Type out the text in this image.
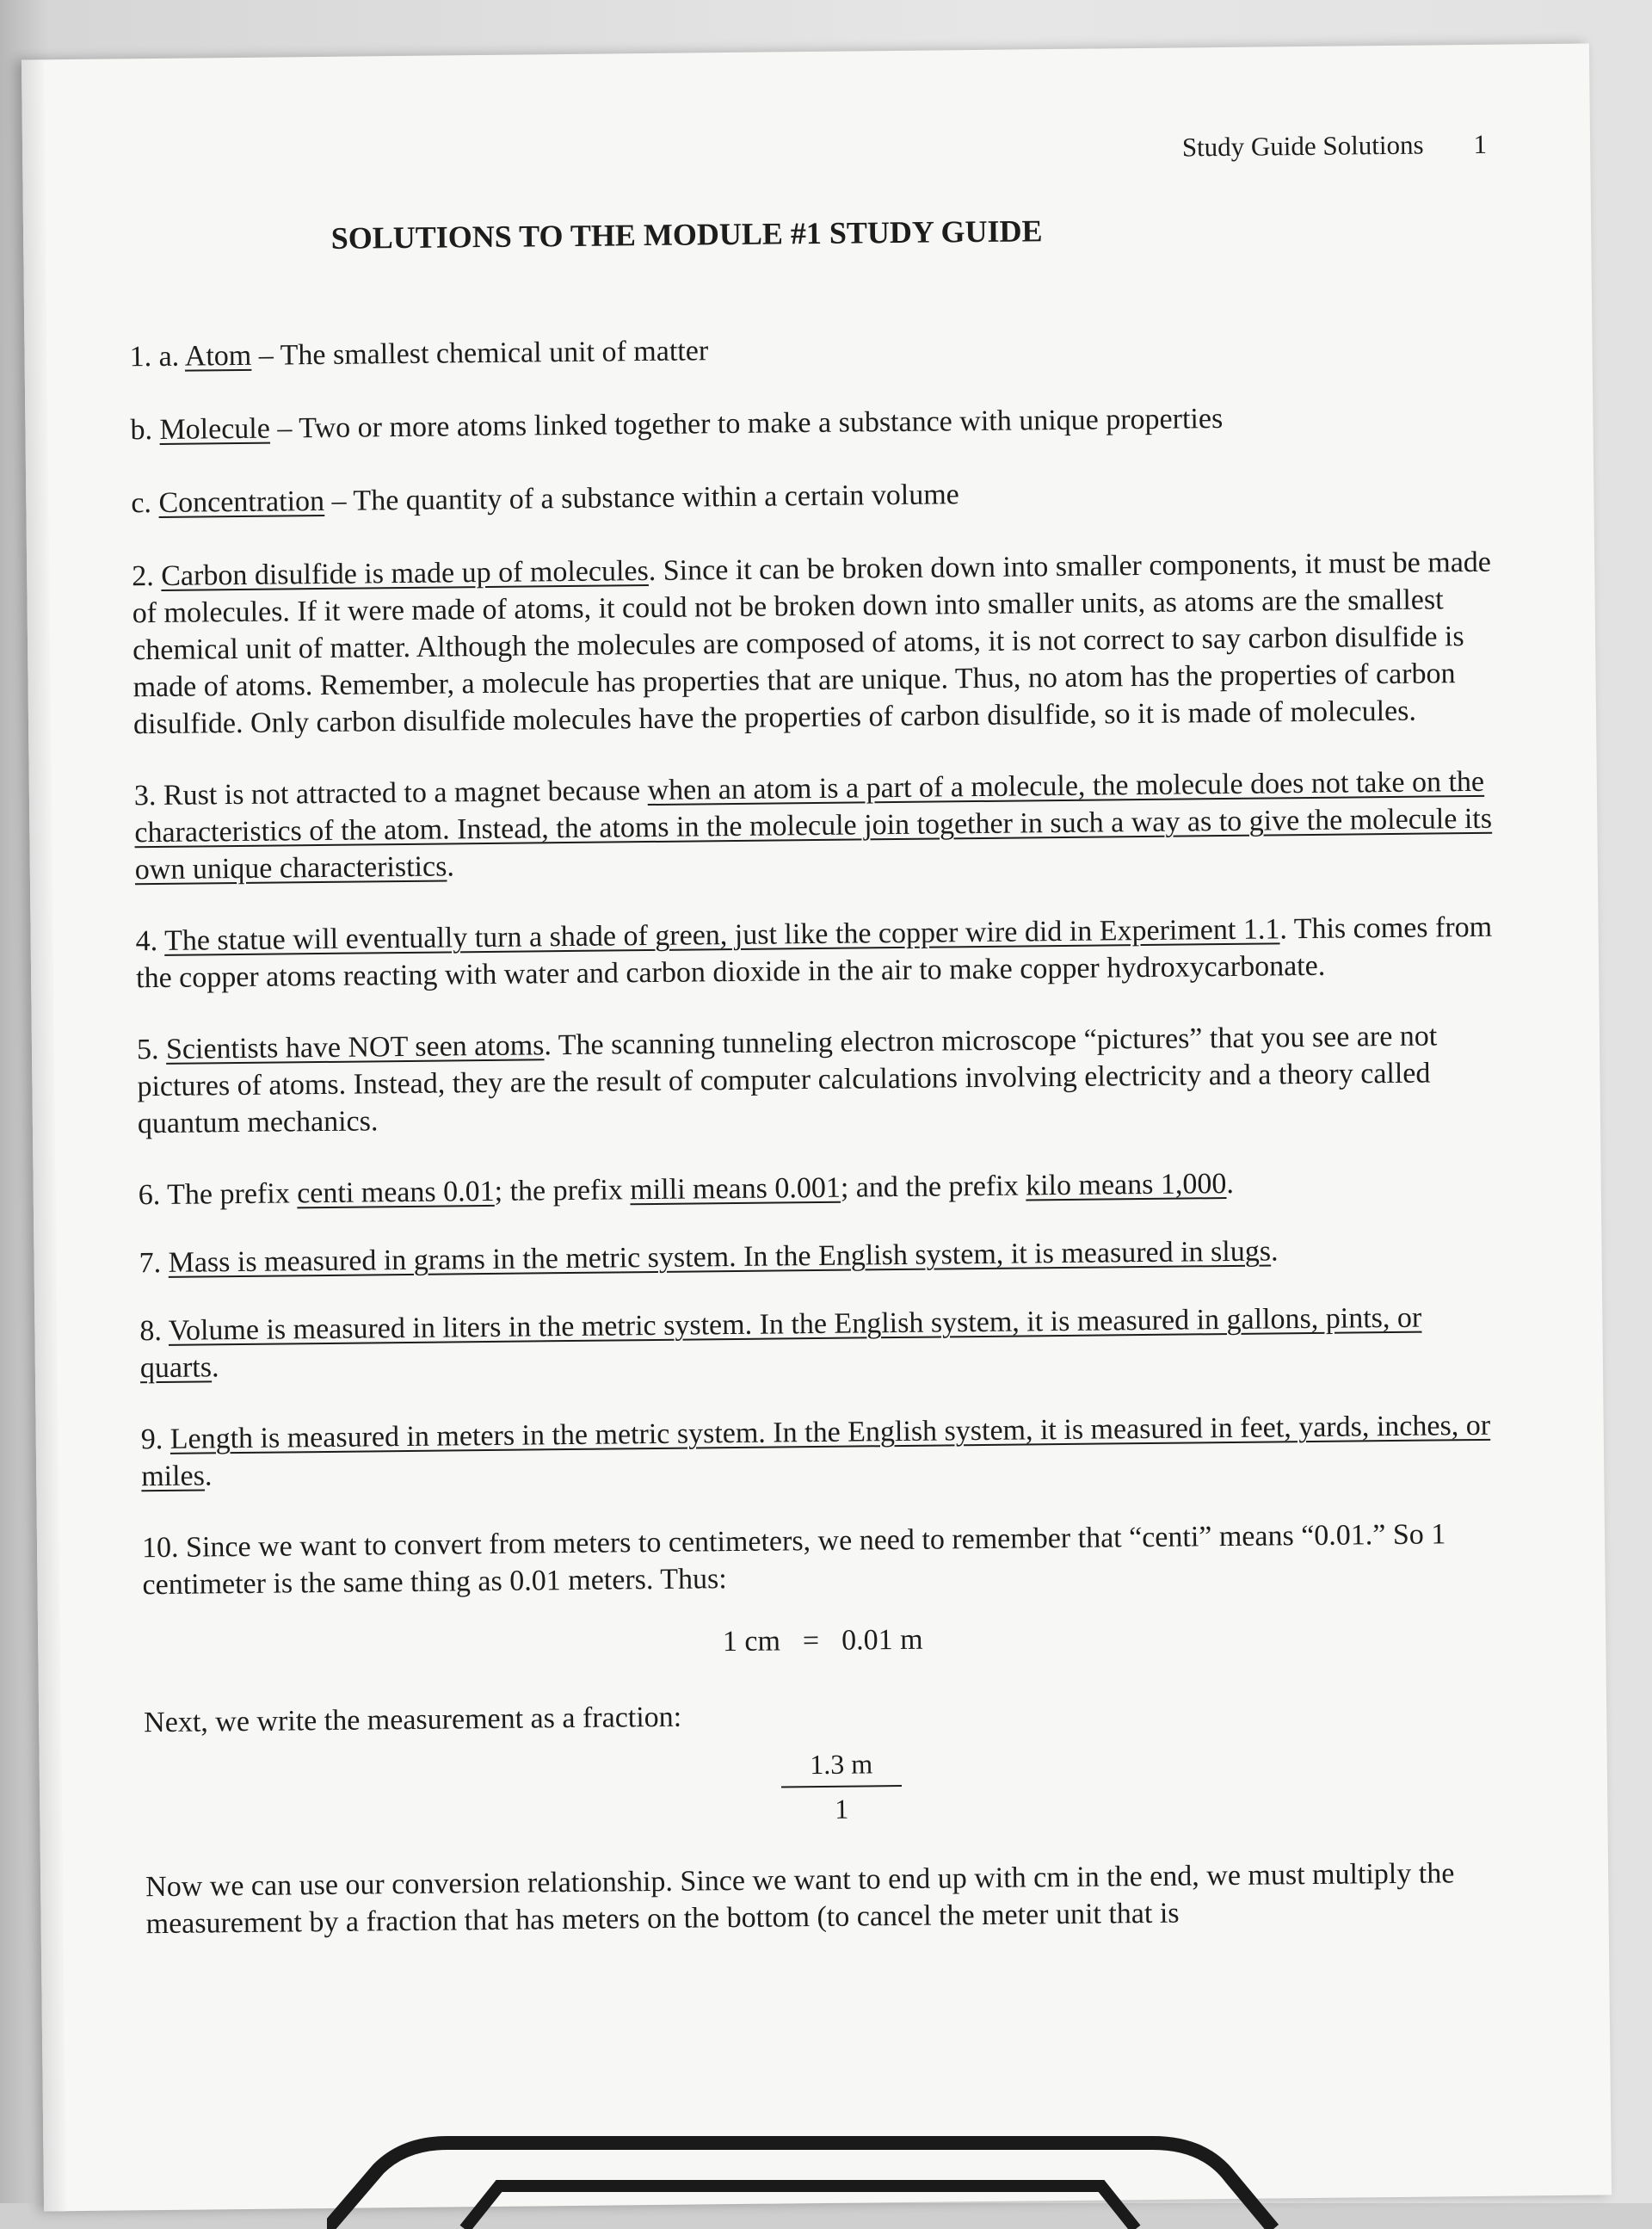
Study Guide Solutions 1
SOLUTIONS TO THE MODULE #1 STUDY GUIDE
1. a. Atom – The smallest chemical unit of matter
b. Molecule – Two or more atoms linked together to make a substance with unique properties
c. Concentration – The quantity of a substance within a certain volume
2. Carbon disulfide is made up of molecules. Since it can be broken down into smaller components, it must be made of molecules. If it were made of atoms, it could not be broken down into smaller units, as atoms are the smallest chemical unit of matter. Although the molecules are composed of atoms, it is not correct to say carbon disulfide is made of atoms. Remember, a molecule has properties that are unique. Thus, no atom has the properties of carbon disulfide. Only carbon disulfide molecules have the properties of carbon disulfide, so it is made of molecules.
3. Rust is not attracted to a magnet because when an atom is a part of a molecule, the molecule does not take on the characteristics of the atom. Instead, the atoms in the molecule join together in such a way as to give the molecule its own unique characteristics.
4. The statue will eventually turn a shade of green, just like the copper wire did in Experiment 1.1. This comes from the copper atoms reacting with water and carbon dioxide in the air to make copper hydroxycarbonate.
5. Scientists have NOT seen atoms. The scanning tunneling electron microscope “pictures” that you see are not pictures of atoms. Instead, they are the result of computer calculations involving electricity and a theory called quantum mechanics.
6. The prefix centi means 0.01; the prefix milli means 0.001; and the prefix kilo means 1,000.
7. Mass is measured in grams in the metric system. In the English system, it is measured in slugs.
8. Volume is measured in liters in the metric system. In the English system, it is measured in gallons, pints, or quarts.
9. Length is measured in meters in the metric system. In the English system, it is measured in feet, yards, inches, or miles.
10. Since we want to convert from meters to centimeters, we need to remember that “centi” means “0.01.” So 1 centimeter is the same thing as 0.01 meters. Thus:
1 cm = 0.01 m
Next, we write the measurement as a fraction:
1.3 m
1
Now we can use our conversion relationship. Since we want to end up with cm in the end, we must multiply the measurement by a fraction that has meters on the bottom (to cancel the meter unit that is
